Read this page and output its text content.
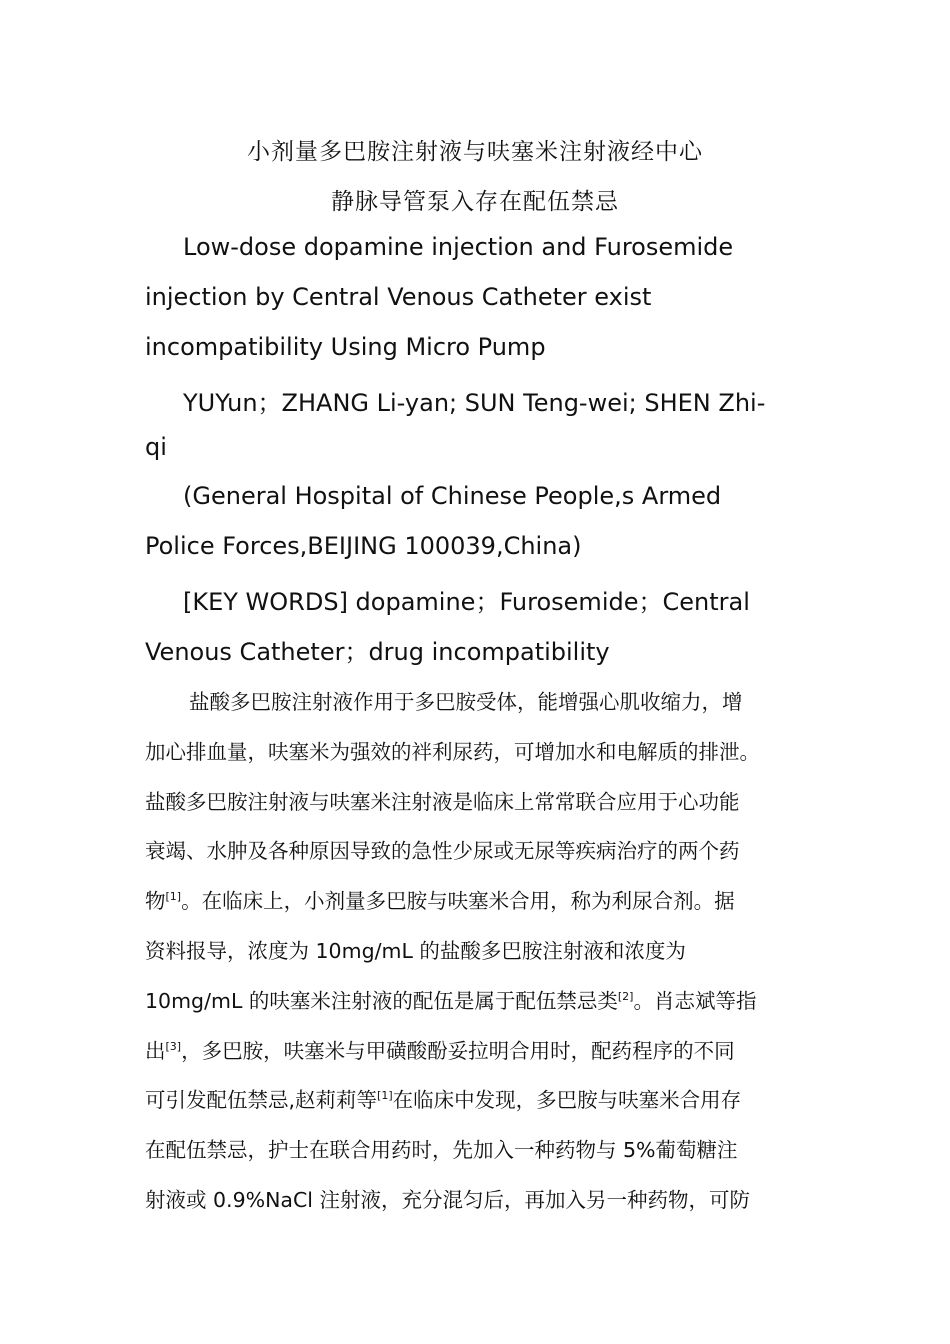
小剂量多巴胺注射液与呋塞米注射液经中心
静脉导管泵入存在配伍禁忌
Low-dose dopamine injection and Furosemide
injection by Central Venous Catheter exist
incompatibility Using Micro Pump
YUYun；ZHANG Li-yan; SUN Teng-wei; SHEN Zhi-
qi
(General Hospital of Chinese People,s Armed
Police Forces,BEIJING 100039,China)
[KEY WORDS] dopamine；Furosemide；Central
Venous Catheter；drug incompatibility
盐酸多巴胺注射液作用于多巴胺受体，能增强心肌收缩力，增
加心排血量，呋塞米为强效的袢利尿药，可增加水和电解质的排泄。
盐酸多巴胺注射液与呋塞米注射液是临床上常常联合应用于心功能
衰竭、水肿及各种原因导致的急性少尿或无尿等疾病治疗的两个药
物[1]。在临床上，小剂量多巴胺与呋塞米合用，称为利尿合剂。据
资料报导，浓度为 10mg/mL 的盐酸多巴胺注射液和浓度为
10mg/mL 的呋塞米注射液的配伍是属于配伍禁忌类[2]。肖志斌等指
出[3]，多巴胺，呋塞米与甲磺酸酚妥拉明合用时，配药程序的不同
可引发配伍禁忌,赵莉莉等[1]在临床中发现，多巴胺与呋塞米合用存
在配伍禁忌，护士在联合用药时，先加入一种药物与 5%葡萄糖注
射液或 0.9%NaCl 注射液，充分混匀后，再加入另一种药物，可防
